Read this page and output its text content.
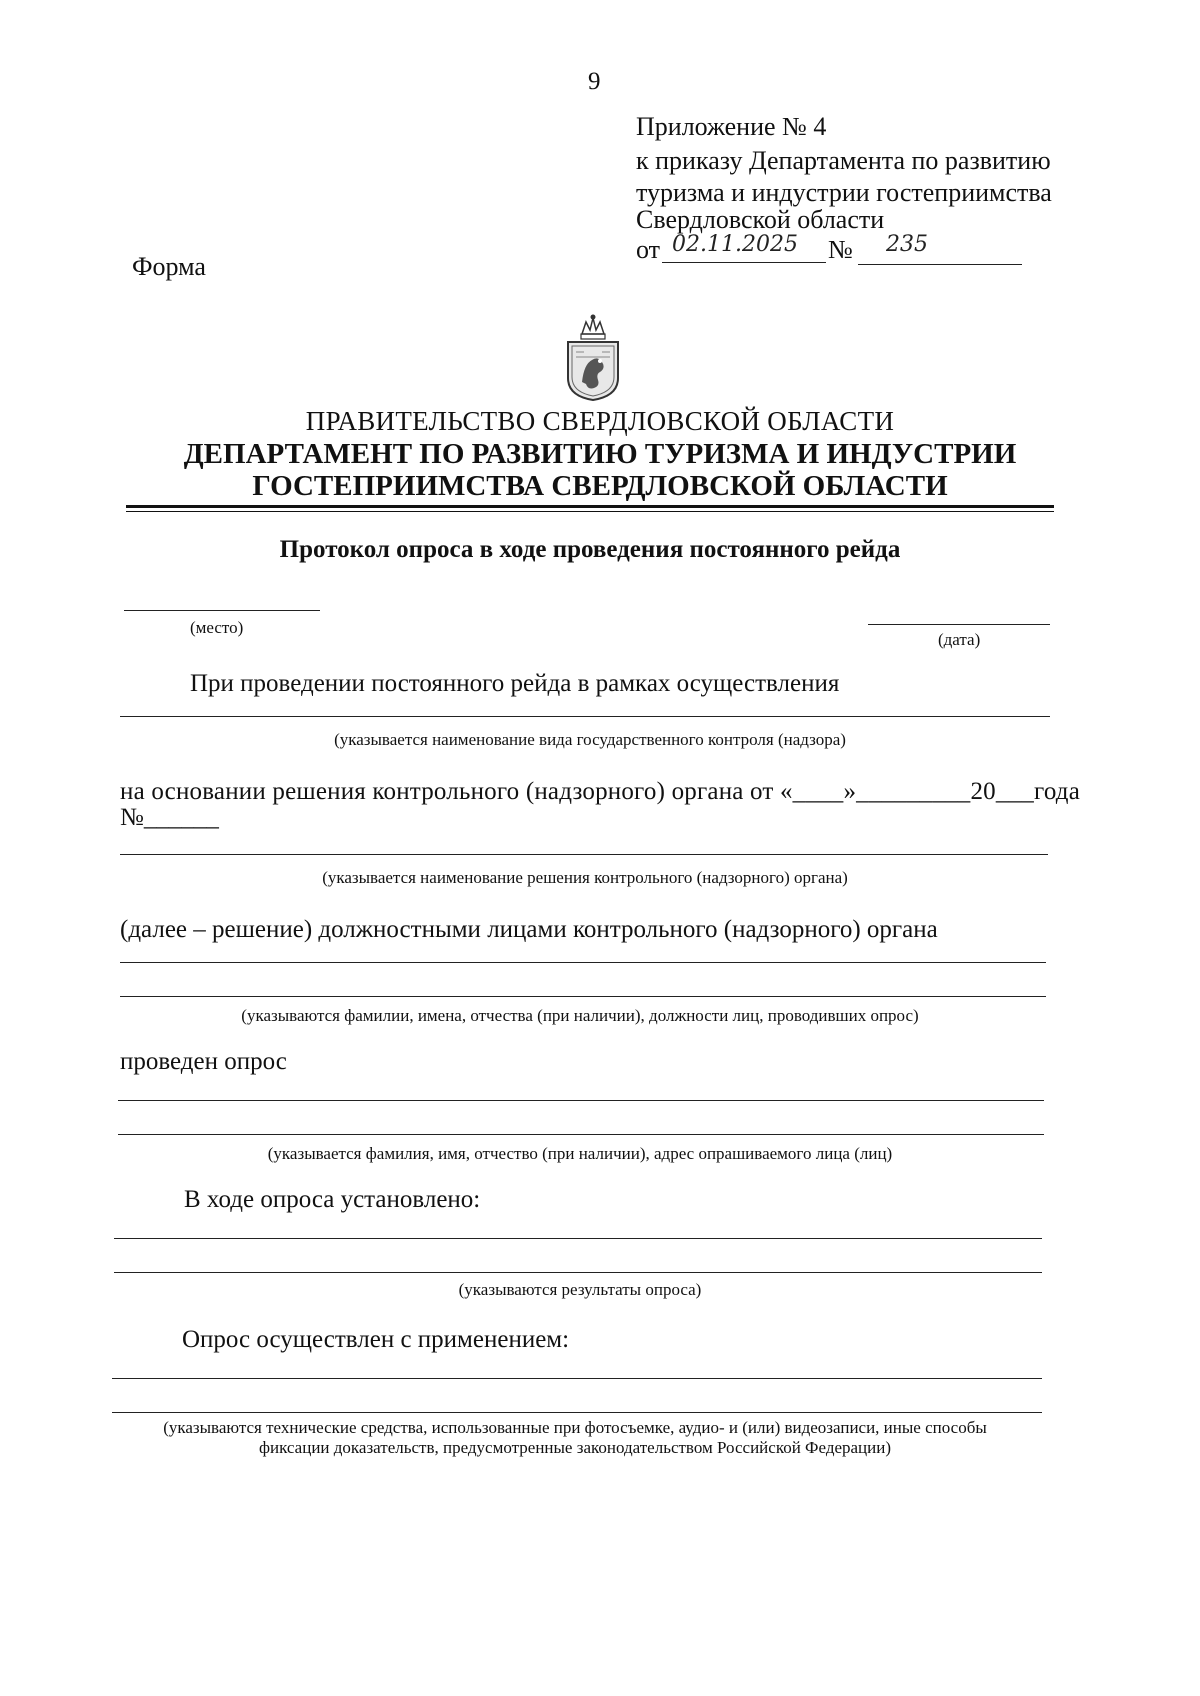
9
Приложение № 4
к приказу Департамента по развитию
туризма и индустрии гостеприимства
Свердловской области
от 02.11.2025 № 235
Форма
ПРАВИТЕЛЬСТВО СВЕРДЛОВСКОЙ ОБЛАСТИ
ДЕПАРТАМЕНТ ПО РАЗВИТИЮ ТУРИЗМА И ИНДУСТРИИ
ГОСТЕПРИИМСТВА СВЕРДЛОВСКОЙ ОБЛАСТИ
Протокол опроса в ходе проведения постоянного рейда
(место)
(дата)
При проведении постоянного рейда в рамках осуществления
(указывается наименование вида государственного контроля (надзора)
на основании решения контрольного (надзорного) органа от «____»_________20___года
№______
(указывается наименование решения контрольного (надзорного) органа)
(далее – решение) должностными лицами контрольного (надзорного) органа
(указываются фамилии, имена, отчества (при наличии), должности лиц, проводивших опрос)
проведен опрос
(указывается фамилия, имя, отчество (при наличии), адрес опрашиваемого лица (лиц)
В ходе опроса установлено:
(указываются результаты опроса)
Опрос осуществлен с применением:
(указываются технические средства, использованные при фотосъемке, аудио- и (или) видеозаписи, иные способы
фиксации доказательств, предусмотренные законодательством Российской Федерации)
